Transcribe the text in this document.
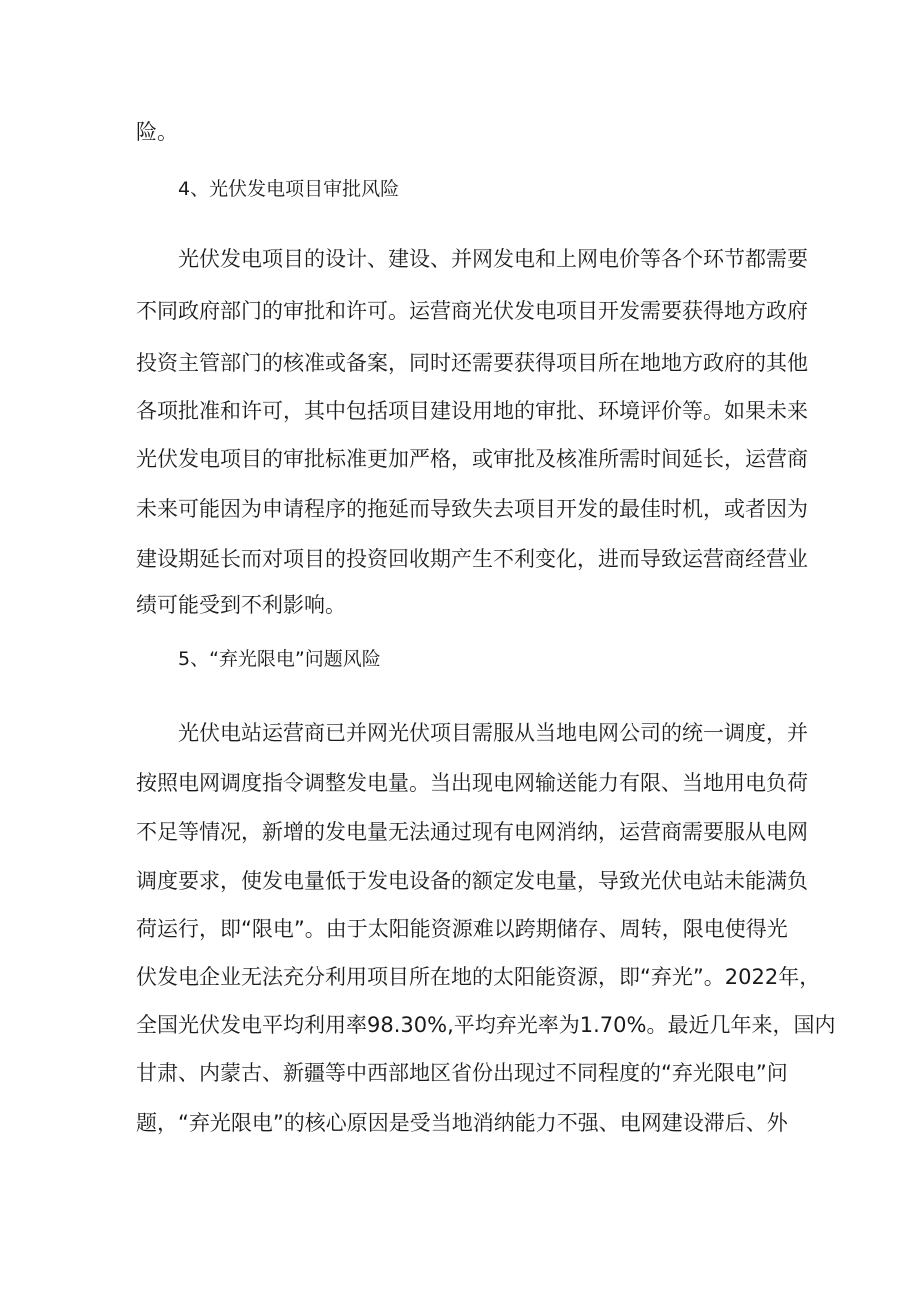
险。
4、光伏发电项目审批风险
光伏发电项目的设计、建设、并网发电和上网电价等各个环节都需要
不同政府部门的审批和许可。运营商光伏发电项目开发需要获得地方政府
投资主管部门的核准或备案，同时还需要获得项目所在地地方政府的其他
各项批准和许可，其中包括项目建设用地的审批、环境评价等。如果未来
光伏发电项目的审批标准更加严格，或审批及核准所需时间延长，运营商
未来可能因为申请程序的拖延而导致失去项目开发的最佳时机，或者因为
建设期延长而对项目的投资回收期产生不利变化，进而导致运营商经营业
绩可能受到不利影响。
5、“弃光限电”问题风险
光伏电站运营商已并网光伏项目需服从当地电网公司的统一调度，并
按照电网调度指令调整发电量。当出现电网输送能力有限、当地用电负荷
不足等情况，新增的发电量无法通过现有电网消纳，运营商需要服从电网
调度要求，使发电量低于发电设备的额定发电量，导致光伏电站未能满负
荷运行，即“限电”。由于太阳能资源难以跨期储存、周转，限电使得光
伏发电企业无法充分利用项目所在地的太阳能资源，即“弃光”。2022年，
全国光伏发电平均利用率98.30%,平均弃光率为1.70%。最近几年来，国内
甘肃、内蒙古、新疆等中西部地区省份出现过不同程度的“弃光限电”问
题，“弃光限电”的核心原因是受当地消纳能力不强、电网建设滞后、外
